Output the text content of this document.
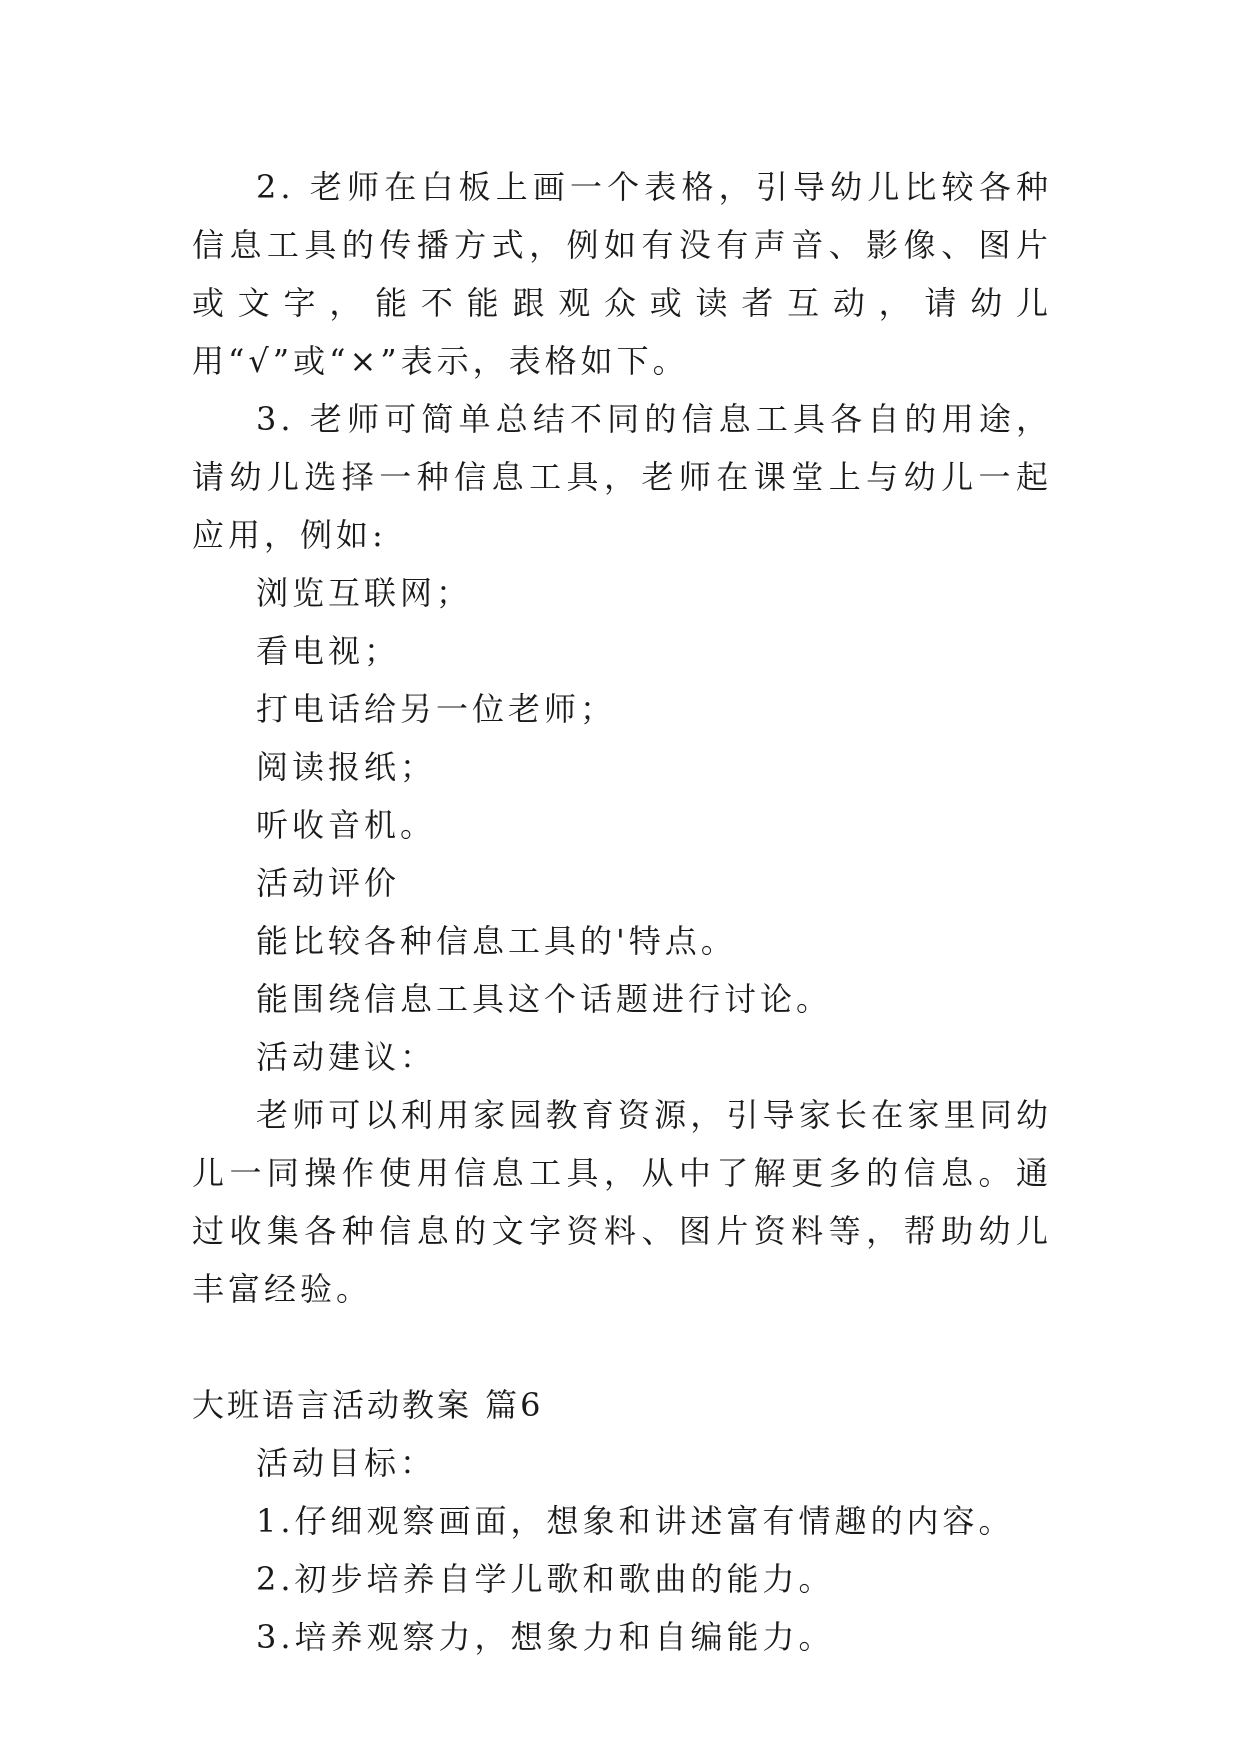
2. 老师在白板上画一个表格，引导幼儿比较各种信息工具的传播方式，例如有没有声音、影像、图片或文字，能不能跟观众或读者互动，请幼儿用“√”或“×”表示，表格如下。

3. 老师可简单总结不同的信息工具各自的用途，请幼儿选择一种信息工具，老师在课堂上与幼儿一起应用，例如:

浏览互联网；

看电视；

打电话给另一位老师；

阅读报纸；

听收音机。

活动评价

能比较各种信息工具的'特点。

能围绕信息工具这个话题进行讨论。

活动建议：

老师可以利用家园教育资源，引导家长在家里同幼儿一同操作使用信息工具，从中了解更多的信息。通过收集各种信息的文字资料、图片资料等，帮助幼儿丰富经验。

大班语言活动教案 篇6

活动目标：

1.仔细观察画面，想象和讲述富有情趣的内容。

2.初步培养自学儿歌和歌曲的能力。

3.培养观察力，想象力和自编能力。
